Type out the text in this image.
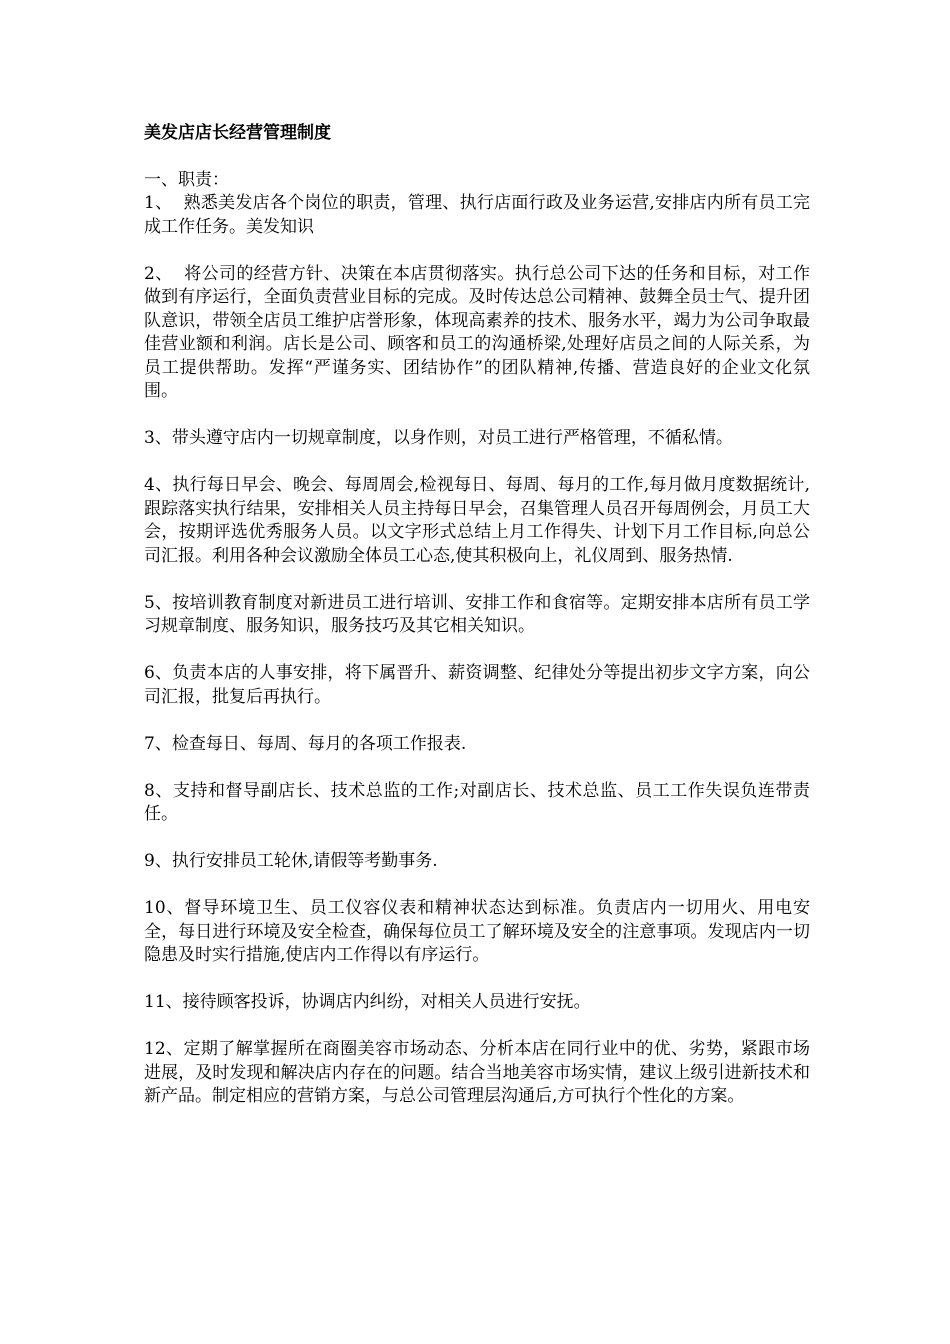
美发店店长经营管理制度
一、职责：

1、  熟悉美发店各个岗位的职责，管理、执行店面行政及业务运营,安排店内所有员工完成工作任务。美发知识

2、  将公司的经营方针、决策在本店贯彻落实。执行总公司下达的任务和目标，对工作做到有序运行，全面负责营业目标的完成。及时传达总公司精神、鼓舞全员士气、提升团队意识，带领全店员工维护店誉形象，体现高素养的技术、服务水平，竭力为公司争取最佳营业额和利润。店长是公司、顾客和员工的沟通桥梁,处理好店员之间的人际关系，为员工提供帮助。发挥“严谨务实、团结协作”的团队精神,传播、营造良好的企业文化氛围。

3、带头遵守店内一切规章制度，以身作则，对员工进行严格管理，不循私情。

4、执行每日早会、晚会、每周周会,检视每日、每周、每月的工作,每月做月度数据统计,跟踪落实执行结果，安排相关人员主持每日早会，召集管理人员召开每周例会，月员工大会，按期评选优秀服务人员。以文字形式总结上月工作得失、计划下月工作目标,向总公司汇报。利用各种会议激励全体员工心态,使其积极向上，礼仪周到、服务热情.

5、按培训教育制度对新进员工进行培训、安排工作和食宿等。定期安排本店所有员工学习规章制度、服务知识，服务技巧及其它相关知识。

6、负责本店的人事安排，将下属晋升、薪资调整、纪律处分等提出初步文字方案，向公司汇报，批复后再执行。

7、检查每日、每周、每月的各项工作报表.

8、支持和督导副店长、技术总监的工作;对副店长、技术总监、员工工作失误负连带责任。

9、执行安排员工轮休,请假等考勤事务.

10、督导环境卫生、员工仪容仪表和精神状态达到标准。负责店内一切用火、用电安全，每日进行环境及安全检查，确保每位员工了解环境及安全的注意事项。发现店内一切隐患及时实行措施,使店内工作得以有序运行。

11、接待顾客投诉，协调店内纠纷，对相关人员进行安抚。

12、定期了解掌握所在商圈美容市场动态、分析本店在同行业中的优、劣势，紧跟市场进展，及时发现和解决店内存在的问题。结合当地美容市场实情，建议上级引进新技术和新产品。制定相应的营销方案，与总公司管理层沟通后,方可执行个性化的方案。
